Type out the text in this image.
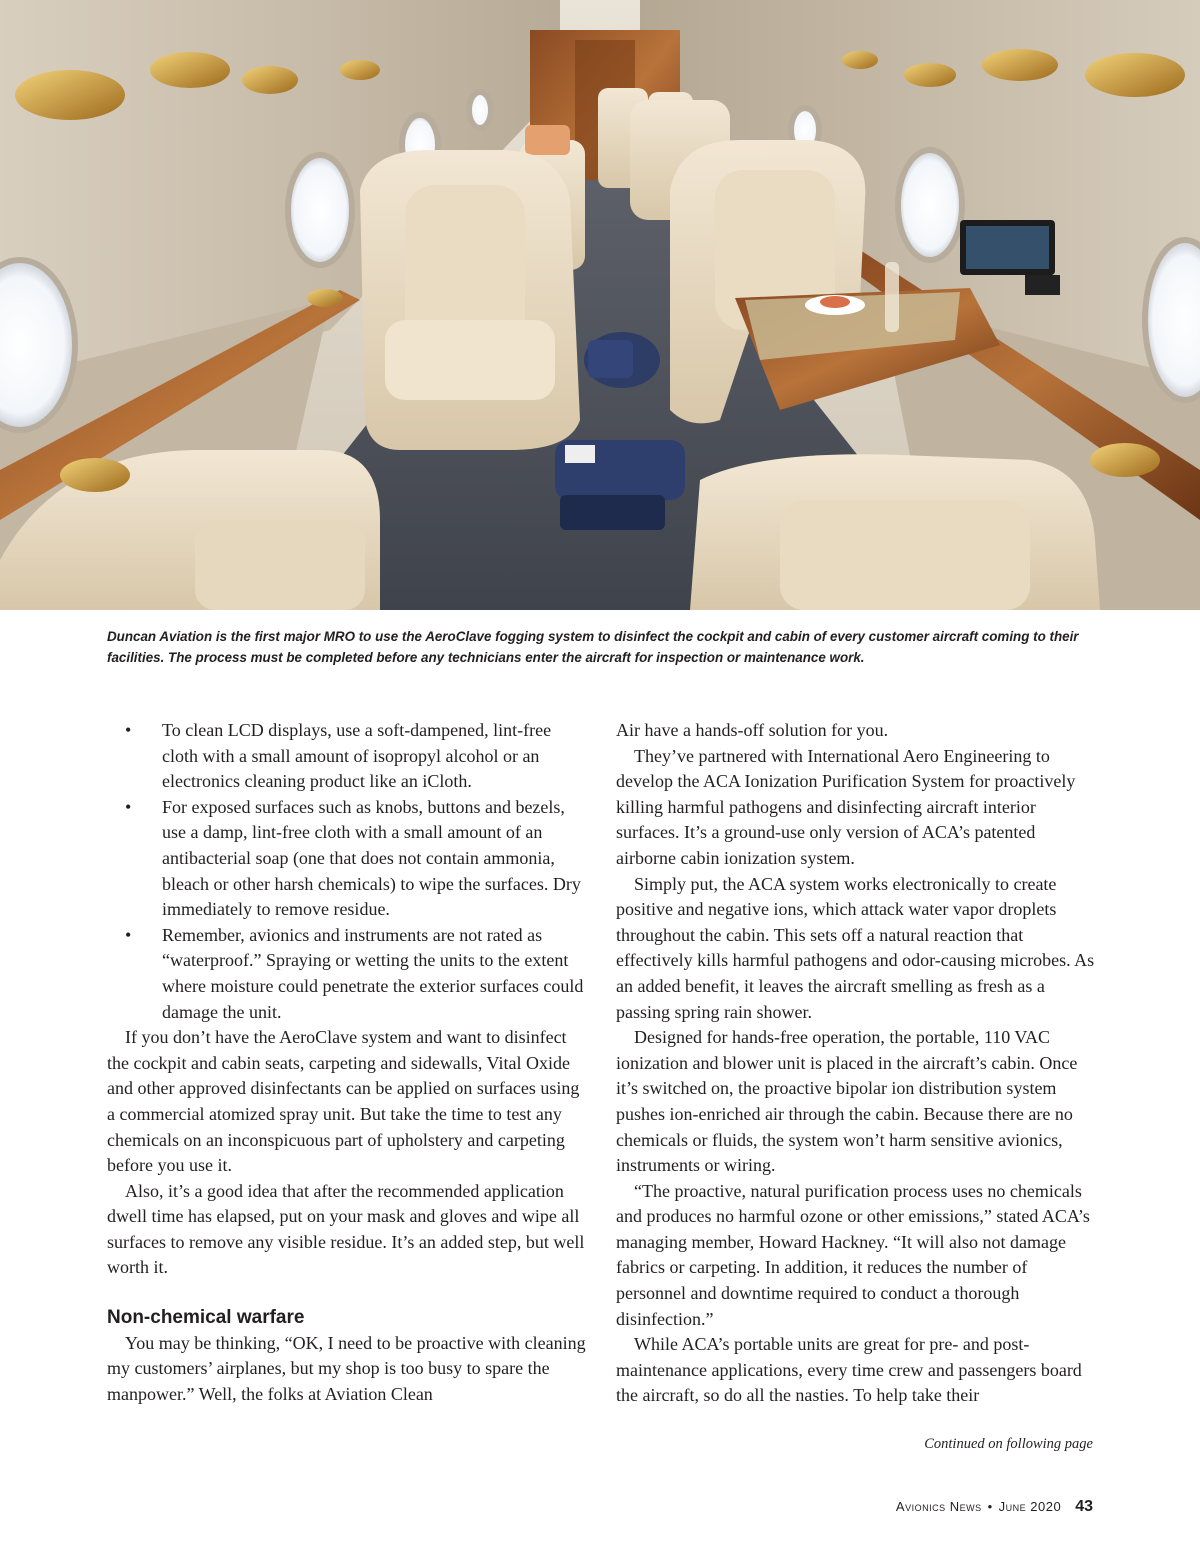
Duncan Aviation is the first major MRO to use the AeroClave fogging system to disinfect the cockpit and cabin of every customer aircraft coming to their facilities. The process must be completed before any technicians enter the aircraft for inspection or maintenance work.
• To clean LCD displays, use a soft-dampened, lint-free cloth with a small amount of isopropyl alcohol or an electronics cleaning product like an iCloth.
• For exposed surfaces such as knobs, buttons and bezels, use a damp, lint-free cloth with a small amount of an antibacterial soap (one that does not contain ammonia, bleach or other harsh chemicals) to wipe the surfaces. Dry immediately to remove residue.
• Remember, avionics and instruments are not rated as “waterproof.” Spraying or wetting the units to the extent where moisture could penetrate the exterior surfaces could damage the unit.

If you don’t have the AeroClave system and want to disinfect the cockpit and cabin seats, carpeting and sidewalls, Vital Oxide and other approved disinfectants can be applied on surfaces using a commercial atomized spray unit. But take the time to test any chemicals on an inconspicuous part of upholstery and carpeting before you use it.

Also, it’s a good idea that after the recommended application dwell time has elapsed, put on your mask and gloves and wipe all surfaces to remove any visible residue. It’s an added step, but well worth it.

Non-chemical warfare

You may be thinking, “OK, I need to be proactive with cleaning my customers’ airplanes, but my shop is too busy to spare the manpower.” Well, the folks at Aviation Clean

Air have a hands-off solution for you.

They’ve partnered with International Aero Engineering to develop the ACA Ionization Purification System for proactively killing harmful pathogens and disinfecting aircraft interior surfaces. It’s a ground-use only version of ACA’s patented airborne cabin ionization system.

Simply put, the ACA system works electronically to create positive and negative ions, which attack water vapor droplets throughout the cabin. This sets off a natural reaction that effectively kills harmful pathogens and odor-causing microbes. As an added benefit, it leaves the aircraft smelling as fresh as a passing spring rain shower.

Designed for hands-free operation, the portable, 110 VAC ionization and blower unit is placed in the aircraft’s cabin. Once it’s switched on, the proactive bipolar ion distribution system pushes ion-enriched air through the cabin. Because there are no chemicals or fluids, the system won’t harm sensitive avionics, instruments or wiring.

“The proactive, natural purification process uses no chemicals and produces no harmful ozone or other emissions,” stated ACA’s managing member, Howard Hackney. “It will also not damage fabrics or carpeting. In addition, it reduces the number of personnel and downtime required to conduct a thorough disinfection.”

While ACA’s portable units are great for pre- and post-maintenance applications, every time crew and passengers board the aircraft, so do all the nasties. To help take their

Continued on following page
Avionics News • June 2020 43
